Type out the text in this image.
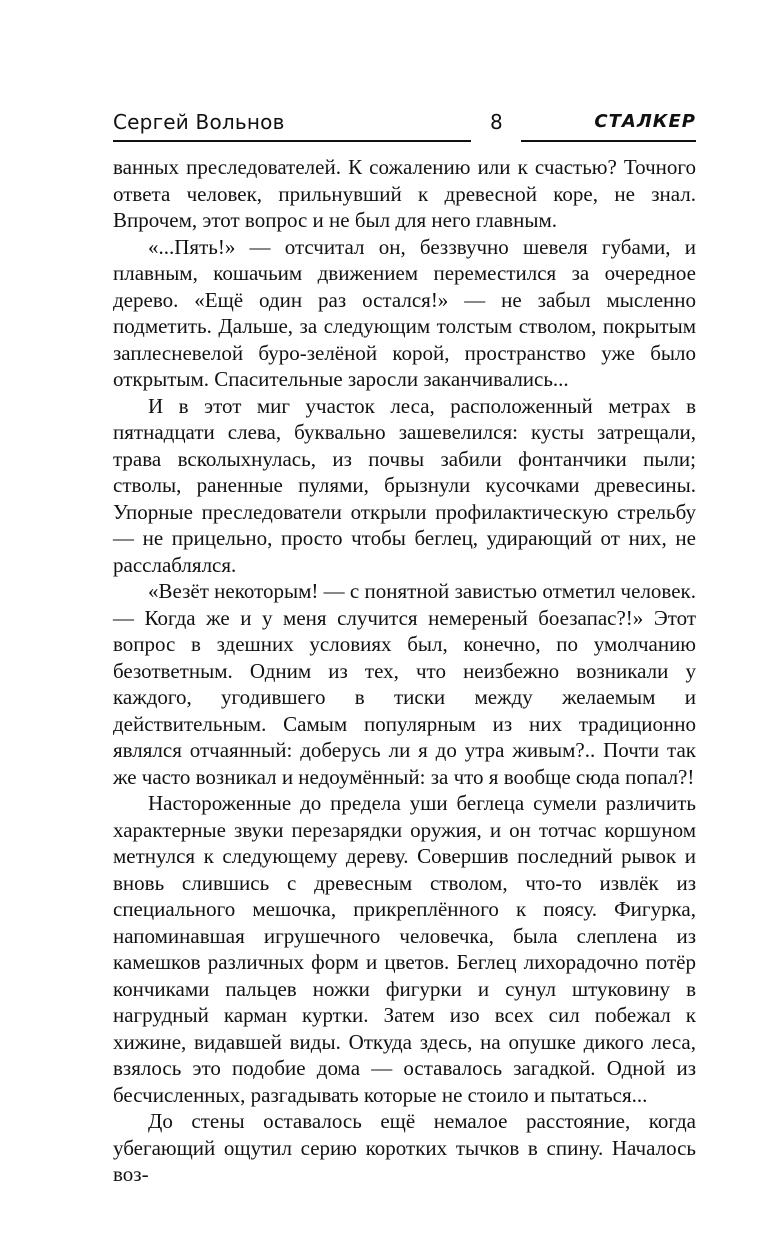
Сергей Вольнов	8	СТАЛКЕР

ванных преследователей. К сожалению или к счастью? Точного ответа человек, прильнувший к древесной коре, не знал. Впрочем, этот вопрос и не был для него главным.

«...Пять!» — отсчитал он, беззвучно шевеля губами, и плавным, кошачьим движением переместился за очередное дерево. «Ещё один раз остался!» — не забыл мысленно подметить. Дальше, за следующим толстым стволом, покрытым заплесневелой буро-зелёной корой, пространство уже было открытым. Спасительные заросли заканчивались...

И в этот миг участок леса, расположенный метрах в пятнадцати слева, буквально зашевелился: кусты затрещали, трава всколыхнулась, из почвы забили фонтанчики пыли; стволы, раненные пулями, брызнули кусочками древесины. Упорные преследователи открыли профилактическую стрельбу — не прицельно, просто чтобы беглец, удирающий от них, не расслаблялся.

«Везёт некоторым! — с понятной завистью отметил человек. — Когда же и у меня случится немереный боезапас?!» Этот вопрос в здешних условиях был, конечно, по умолчанию безответным. Одним из тех, что неизбежно возникали у каждого, угодившего в тиски между желаемым и действительным. Самым популярным из них традиционно являлся отчаянный: доберусь ли я до утра живым?.. Почти так же часто возникал и недоумённый: за что я вообще сюда попал?!

Настороженные до предела уши беглеца сумели различить характерные звуки перезарядки оружия, и он тотчас коршуном метнулся к следующему дереву. Совершив последний рывок и вновь слившись с древесным стволом, что-то извлёк из специального мешочка, прикреплённого к поясу. Фигурка, напоминавшая игрушечного человечка, была слеплена из камешков различных форм и цветов. Беглец лихорадочно потёр кончиками пальцев ножки фигурки и сунул штуковину в нагрудный карман куртки. Затем изо всех сил побежал к хижине, видавшей виды. Откуда здесь, на опушке дикого леса, взялось это подобие дома — оставалось загадкой. Одной из бесчисленных, разгадывать которые не стоило и пытаться...

До стены оставалось ещё немалое расстояние, когда убегающий ощутил серию коротких тычков в спину. Началось воз-
